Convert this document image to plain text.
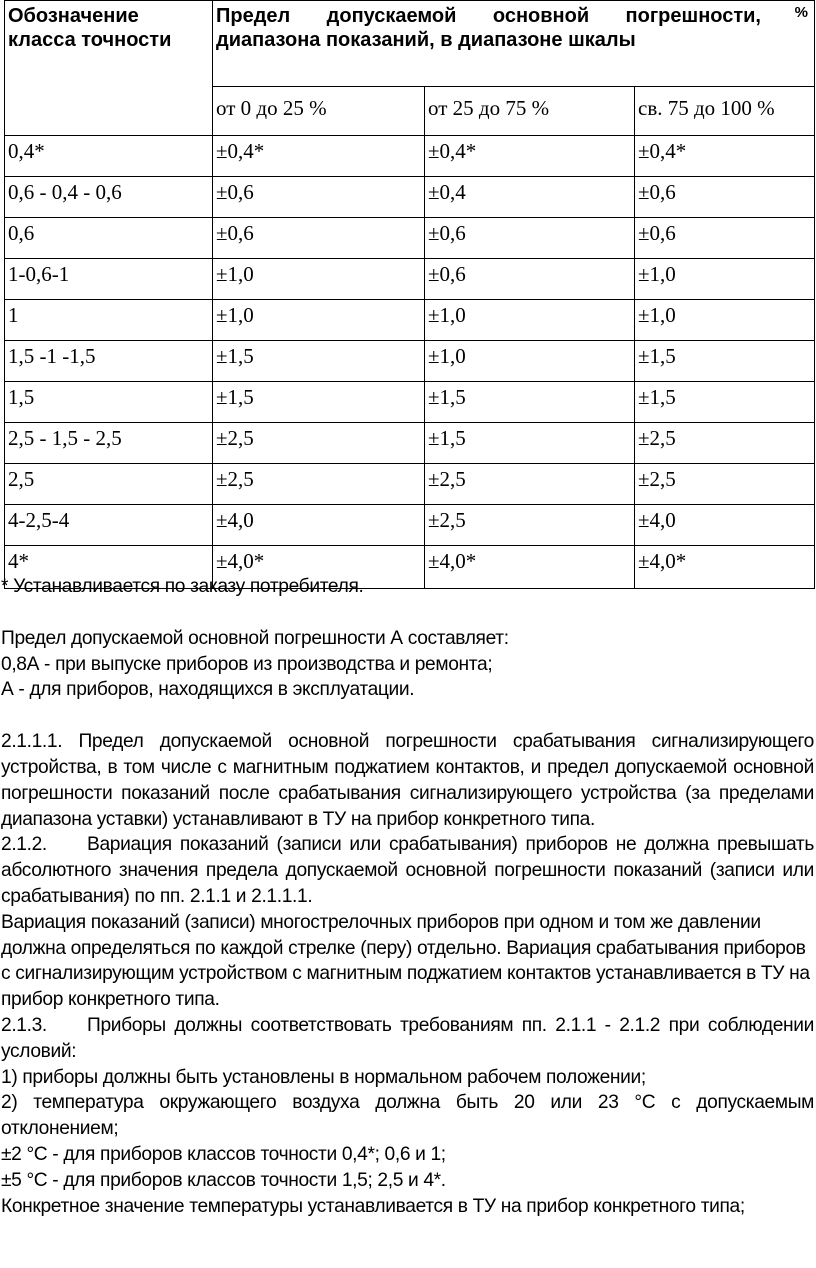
Обозначение класса точности	Предел допускаемой основной погрешности, диапазона показаний, в диапазоне шкалы
%		

	от 0 до 25 %	от 25 до 75 %	св. 75 до 100 %
0,4*	±0,4*	±0,4*	±0,4*
0,6 - 0,4 - 0,6	±0,6	±0,4	±0,6
0,6	±0,6	±0,6	±0,6
1-0,6-1	±1,0	±0,6	±1,0
1	±1,0	±1,0	±1,0
1,5 -1 -1,5	±1,5	±1,0	±1,5
1,5	±1,5	±1,5	±1,5
2,5 - 1,5 - 2,5	±2,5	±1,5	±2,5
2,5	±2,5	±2,5	±2,5
4-2,5-4	±4,0	±2,5	±4,0
4*	±4,0*	±4,0*	±4,0*

* Устанавливается по заказу потребителя.

Предел допускаемой основной погрешности А составляет:

0,8А - при выпуске приборов из производства и ремонта;

А - для приборов, находящихся в эксплуатации.

2.1.1.1. Предел допускаемой основной погрешности срабатывания сигнализирующего устройства, в том числе с магнитным поджатием контактов, и предел допускаемой основной погрешности показаний после срабатывания сигнализирующего устройства (за пределами диапазона уставки) устанавливают в ТУ на прибор конкретного типа.

2.1.2. Вариация показаний (записи или срабатывания) приборов не должна превышать абсолютного значения предела допускаемой основной погрешности показаний (записи или срабатывания) по пп. 2.1.1 и 2.1.1.1.

Вариация показаний (записи) многострелочных приборов при одном и том же давлении должна определяться по каждой стрелке (перу) отдельно. Вариация срабатывания приборов с сигнализирующим устройством с магнитным поджатием контактов устанавливается в ТУ на прибор конкретного типа.

2.1.3. Приборы должны соответствовать требованиям пп. 2.1.1 - 2.1.2 при соблюдении условий:

1) приборы должны быть установлены в нормальном рабочем положении;

2) температура окружающего воздуха должна быть 20 или 23 °С с допускаемым отклонением;

±2 °С - для приборов классов точности 0,4*; 0,6 и 1;

±5 °С - для приборов классов точности 1,5; 2,5 и 4*.

Конкретное значение температуры устанавливается в ТУ на прибор конкретного типа;
